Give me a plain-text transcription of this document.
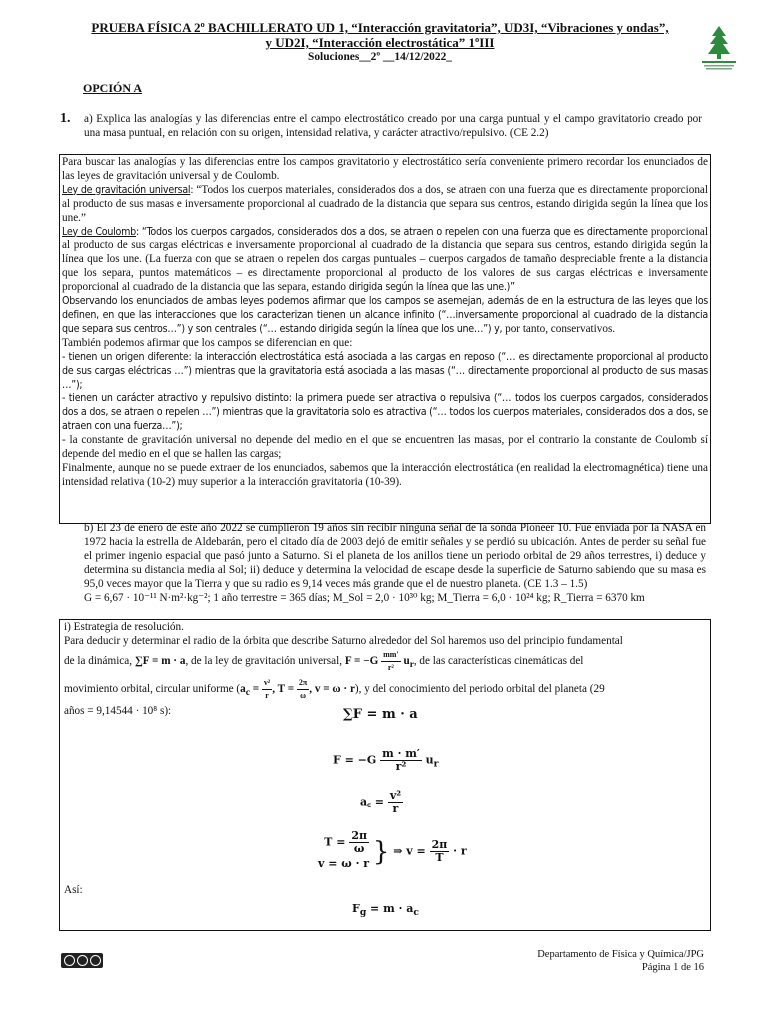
PRUEBA FÍSICA 2º BACHILLERATO UD 1, “Interacción gravitatoria”, UD3I, “Vibraciones y ondas”,
y UD2I, “Interacción electrostática” 1ºIII
Soluciones__2º __14/12/2022_
OPCIÓN A
1. a) Explica las analogías y las diferencias entre el campo electrostático creado por una carga puntual y el campo gravitatorio creado por una masa puntual, en relación con su origen, intensidad relativa, y carácter atractivo/repulsivo. (CE 2.2)

Para buscar las analogías y las diferencias entre los campos gravitatorio y electrostático sería conveniente primero recordar los enunciados de las leyes de gravitación universal y de Coulomb.

Ley de gravitación universal: “Todos los cuerpos materiales, considerados dos a dos, se atraen con una fuerza que es directamente proporcional al producto de sus masas e inversamente proporcional al cuadrado de la distancia que separa sus centros, estando dirigida según la línea que los une.”

Ley de Coulomb: “Todos los cuerpos cargados, considerados dos a dos, se atraen o repelen con una fuerza que es directamente proporcional al producto de sus cargas eléctricas e inversamente proporcional al cuadrado de la distancia que separa sus centros, estando dirigida según la línea que los une. (La fuerza con que se atraen o repelen dos cargas puntuales – cuerpos cargados de tamaño despreciable frente a la distancia que los separa, puntos matemáticos – es directamente proporcional al producto de los valores de sus cargas eléctricas e inversamente proporcional al cuadrado de la distancia que las separa, estando dirigida según la línea que las une.)”

Observando los enunciados de ambas leyes podemos afirmar que los campos se asemejan, además de en la estructura de las leyes que los definen, en que las interacciones que los caracterizan tienen un alcance infinito (“…inversamente proporcional al cuadrado de la distancia que separa sus centros…”) y son centrales (“… estando dirigida según la línea que los une…”) y, por tanto, conservativos.

También podemos afirmar que los campos se diferencian en que:

- tienen un origen diferente: la interacción electrostática está asociada a las cargas en reposo (“… es directamente proporcional al producto de sus cargas eléctricas …”) mientras que la gravitatoria está asociada a las masas (“… directamente proporcional al producto de sus masas …”);

- tienen un carácter atractivo y repulsivo distinto: la primera puede ser atractiva o repulsiva (“… todos los cuerpos cargados, considerados dos a dos, se atraen o repelen …”) mientras que la gravitatoria solo es atractiva (“… todos los cuerpos materiales, considerados dos a dos, se atraen con una fuerza…”);

- la constante de gravitación universal no depende del medio en el que se encuentren las masas, por el contrario la constante de Coulomb sí depende del medio en el que se hallen las cargas;

Finalmente, aunque no se puede extraer de los enunciados, sabemos que la interacción electrostática (en realidad la electromagnética) tiene una intensidad relativa (10-2) muy superior a la interacción gravitatoria (10-39).

b) El 23 de enero de este año 2022 se cumplieron 19 años sin recibir ninguna señal de la sonda Pioneer 10. Fue enviada por la NASA en 1972 hacia la estrella de Aldebarán, pero el citado día de 2003 dejó de emitir señales y se perdió su ubicación. Antes de perder su señal fue el primer ingenio espacial que pasó junto a Saturno. Si el planeta de los anillos tiene un periodo orbital de 29 años terrestres, i) deduce y determina su distancia media al Sol; ii) deduce y determina la velocidad de escape desde la superficie de Saturno sabiendo que su masa es 95,0 veces mayor que la Tierra y que su radio es 9,14 veces más grande que el de nuestro planeta. (CE 1.3 – 1.5)

G = 6,67 · 10⁻¹¹ N·m²·kg⁻²; 1 año terrestre = 365 días; M_Sol = 2,0 · 10³⁰ kg; M_Tierra = 6,0 · 10²⁴ kg; R_Tierra = 6370 km

i) Estrategia de resolución.

Para deducir y determinar el radio de la órbita que describe Saturno alrededor del Sol haremos uso del principio fundamental

de la dinámica, ∑F = m · a, de la ley de gravitación universal, $F = -G \frac{mm'}{\text{r²}} u_r$, de las características cinemáticas del

movimiento orbital, circular uniforme ($a_c = \frac{\text{v²}}{r}$ , $T = \frac{2\pi}{\omega}$ , v = ω · r), y del conocimiento del periodo orbital del planeta (29

años = 9,14544 · 10⁸ s):	∑F = m · a
$F = -G \frac{m \cdot m'}{\text{r²}} u_r$
a꜀ = $\frac{\text{v²}}{r}$
$T = \frac{2\pi}{\omega}$
v = ω · r } ⇒ $v = \frac{2\pi}{T} \cdot r$
Así:
$F_g = m \cdot a_c$
Departamento de Física y Química/JPG
Página 1 de 16
